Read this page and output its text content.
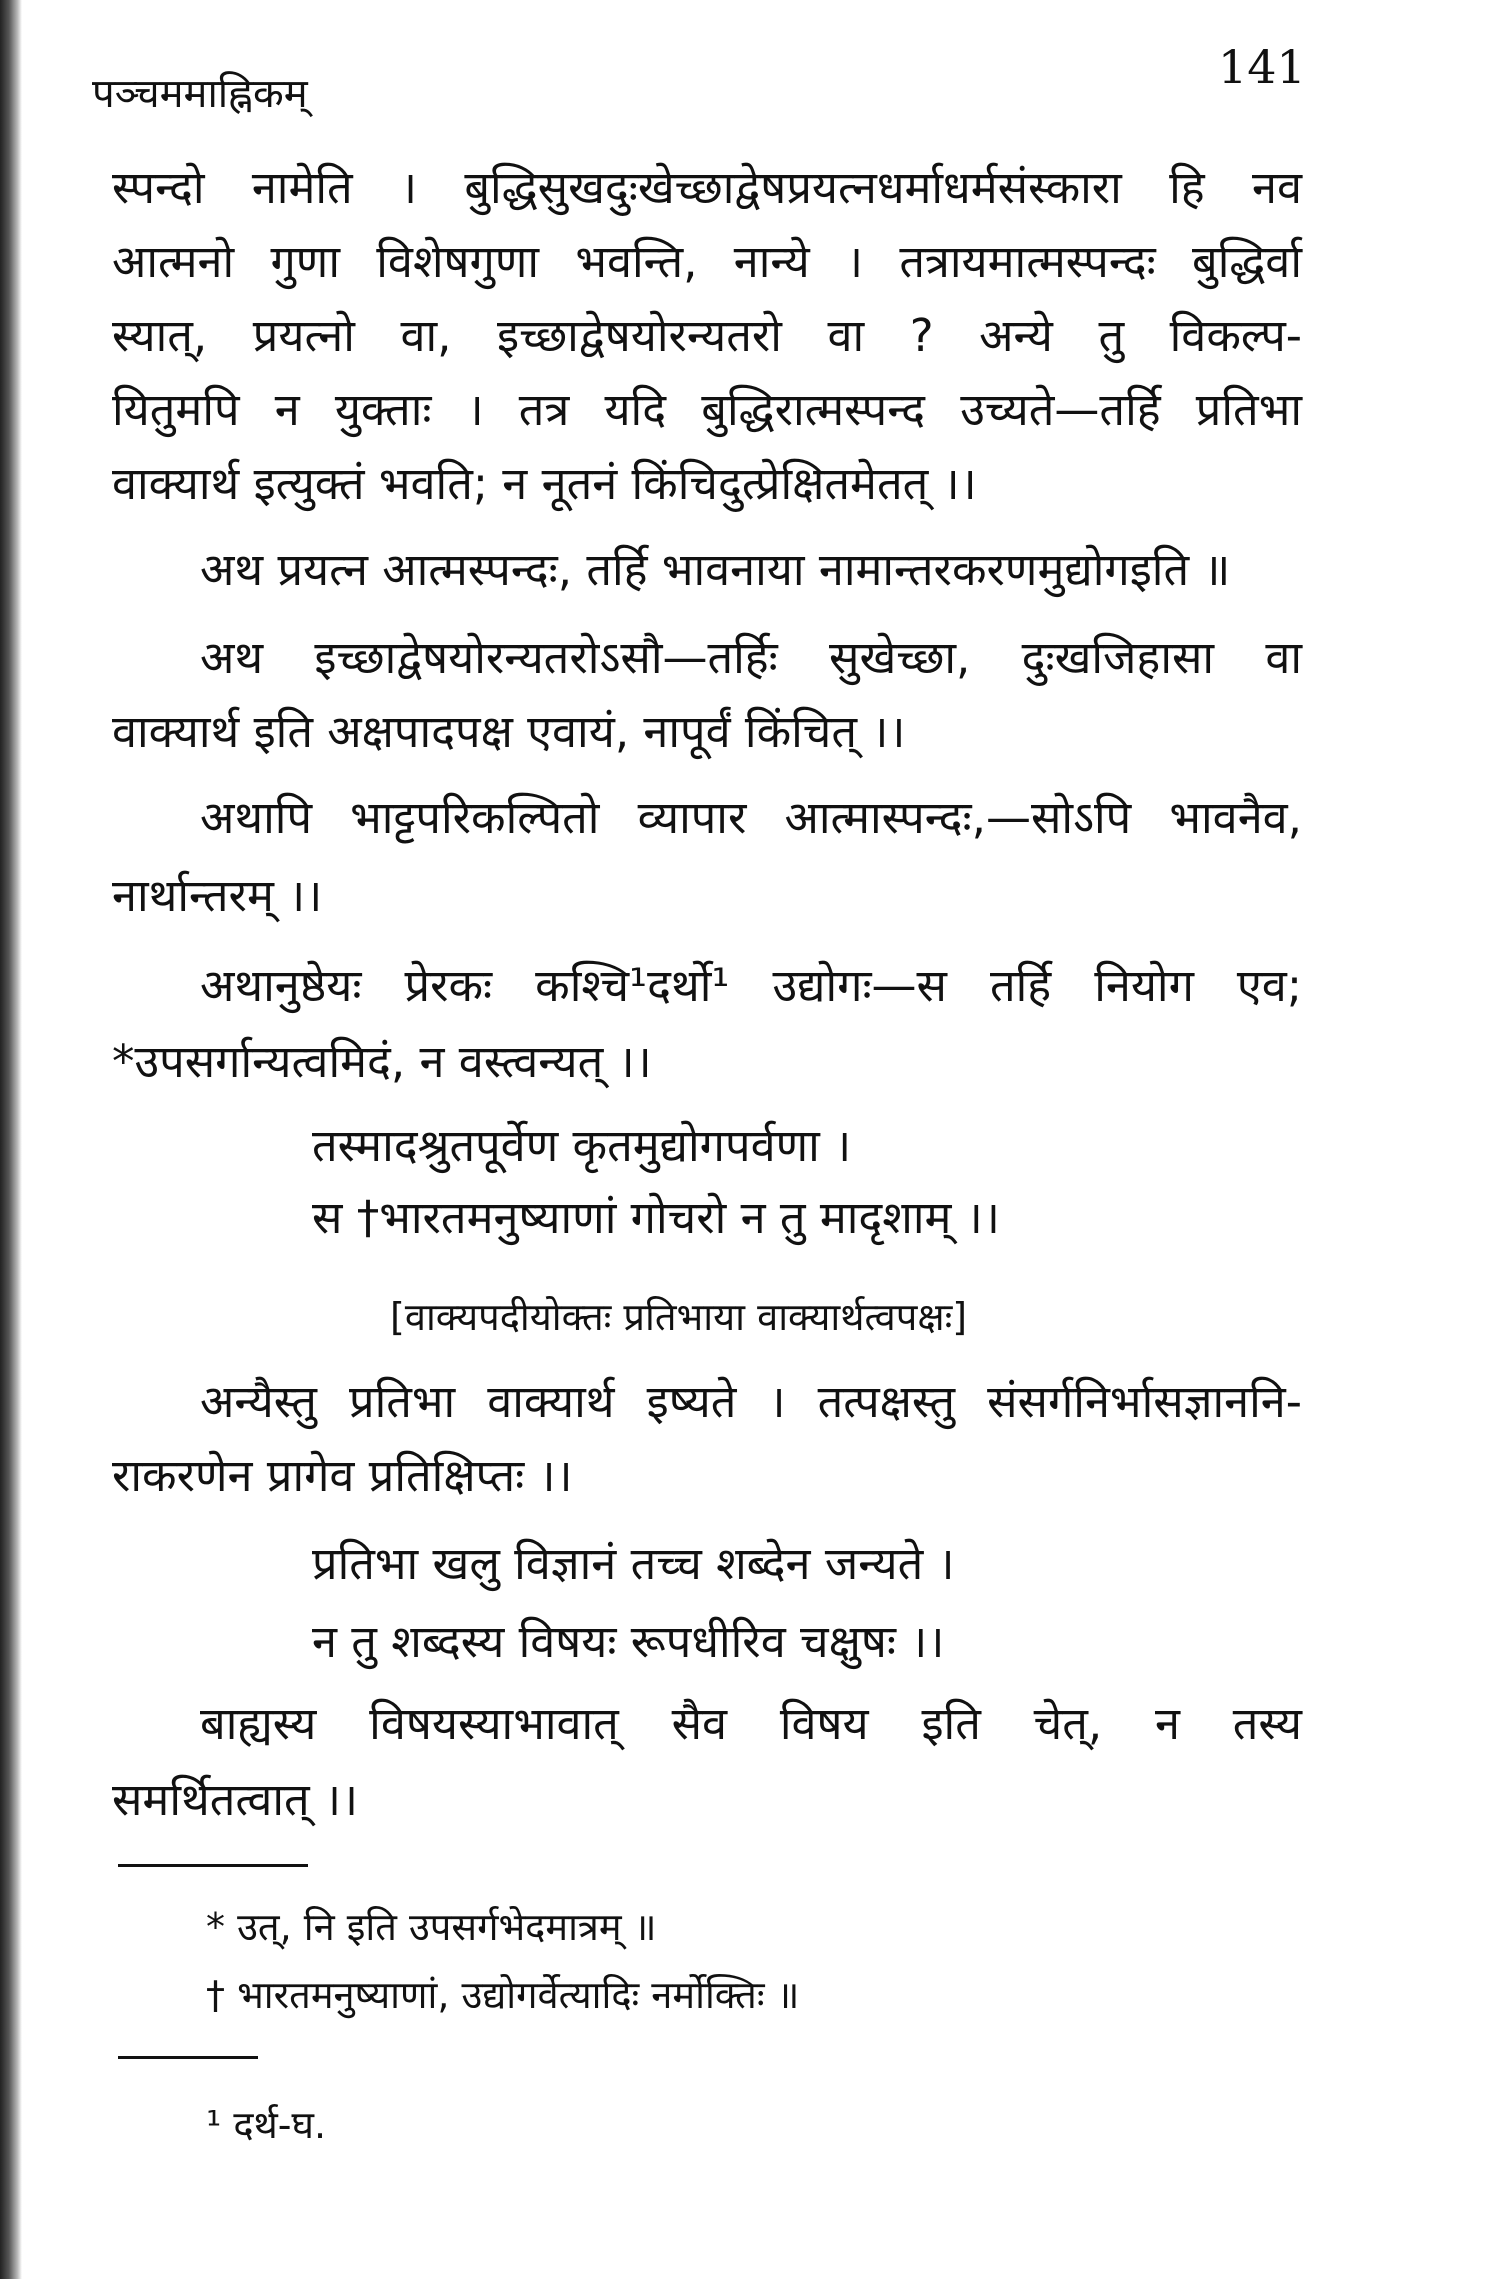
पञ्चममाह्निकम्	141
स्पन्दो नामेति । बुद्धिसुखदुःखेच्छाद्वेषप्रयत्नधर्माधर्मसंस्कारा हि नव
आत्मनो गुणा विशेषगुणा भवन्ति, नान्ये । तत्रायमात्मस्पन्दः बुद्धिर्वा
स्यात्, प्रयत्नो वा, इच्छाद्वेषयोरन्यतरो वा ? अन्ये तु विकल्प-
यितुमपि न युक्ताः । तत्र यदि बुद्धिरात्मस्पन्द उच्यते—तर्हि प्रतिभा
वाक्यार्थ इत्युक्तं भवति; न नूतनं किंचिदुत्प्रेक्षितमेतत् ।।
अथ प्रयत्न आत्मस्पन्दः, तर्हि भावनाया नामान्तरकरणमुद्योगइति ॥
अथ इच्छाद्वेषयोरन्यतरोऽसौ—तर्हिः सुखेच्छा, दुःखजिहासा वा
वाक्यार्थ इति अक्षपादपक्ष एवायं, नापूर्वं किंचित् ।।
अथापि भाट्टपरिकल्पितो व्यापार आत्मास्पन्दः,—सोऽपि भावनैव,
नार्थान्तरम् ।।
अथानुष्ठेयः प्रेरकः कश्चि¹दर्थो¹ उद्योगः—स तर्हि नियोग एव;
*उपसर्गान्यत्वमिदं, न वस्त्वन्यत् ।।
तस्मादश्रुतपूर्वेण कृतमुद्योगपर्वणा ।
स †भारतमनुष्याणां गोचरो न तु मादृशाम् ।।
[वाक्यपदीयोक्तः प्रतिभाया वाक्यार्थत्वपक्षः]
अन्यैस्तु प्रतिभा वाक्यार्थ इष्यते । तत्पक्षस्तु संसर्गनिर्भासज्ञाननि-
राकरणेन प्रागेव प्रतिक्षिप्तः ।।
प्रतिभा खलु विज्ञानं तच्च शब्देन जन्यते ।
न तु शब्दस्य विषयः रूपधीरिव चक्षुषः ।।
बाह्यस्य विषयस्याभावात् सैव विषय इति चेत्, न तस्य
समर्थितत्वात् ।।
* उत्, नि इति उपसर्गभेदमात्रम् ॥
† भारतमनुष्याणां, उद्योगर्वेत्यादिः नर्मोक्तिः ॥
¹ दर्थ-घ.
